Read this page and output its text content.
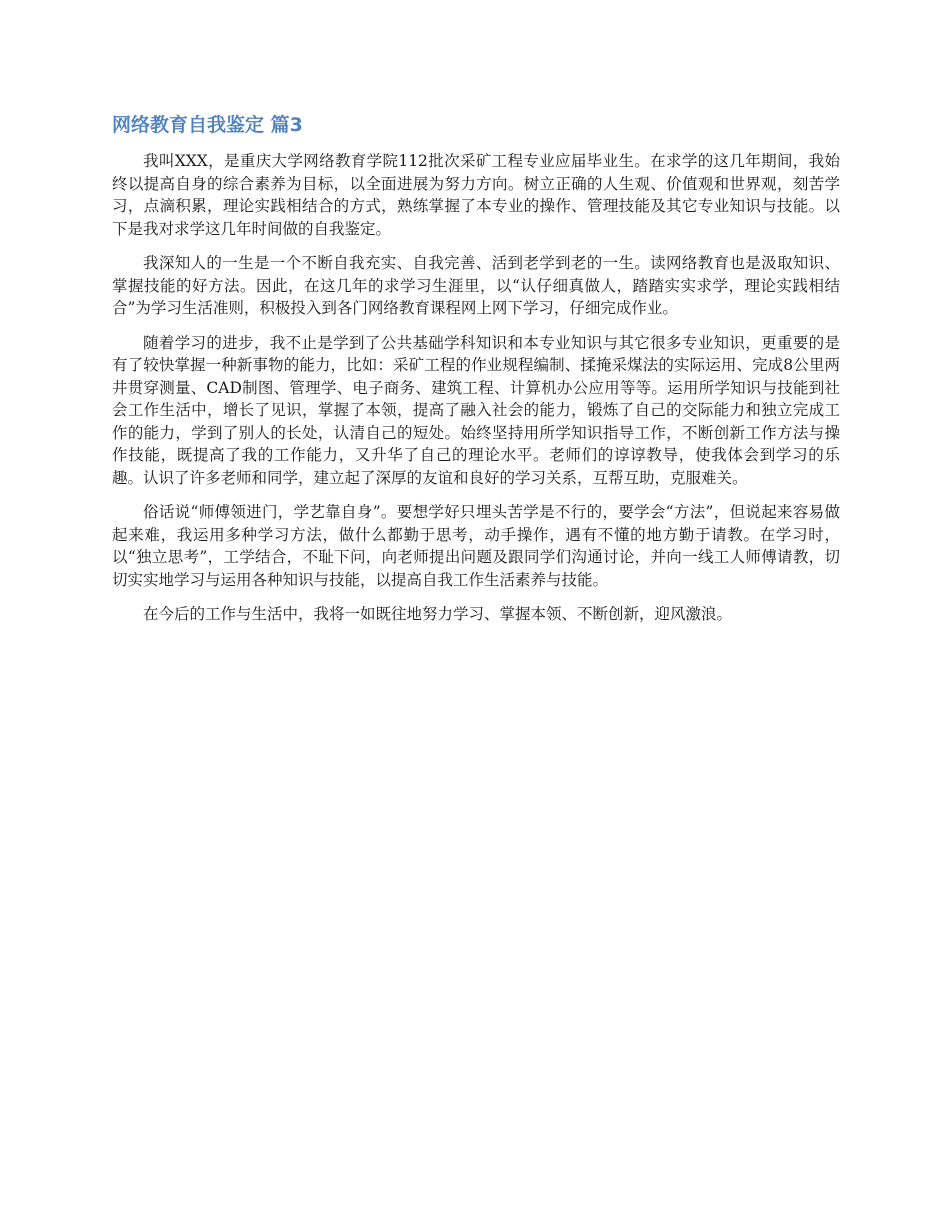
网络教育自我鉴定 篇3

我叫XXX，是重庆大学网络教育学院112批次采矿工程专业应届毕业生。在求学的这几年期间，我始终以提高自身的综合素养为目标，以全面进展为努力方向。树立正确的人生观、价值观和世界观，刻苦学习，点滴积累，理论实践相结合的方式，熟练掌握了本专业的操作、管理技能及其它专业知识与技能。以下是我对求学这几年时间做的自我鉴定。

我深知人的一生是一个不断自我充实、自我完善、活到老学到老的一生。读网络教育也是汲取知识、掌握技能的好方法。因此，在这几年的求学习生涯里，以“认仔细真做人，踏踏实实求学，理论实践相结合”为学习生活准则，积极投入到各门网络教育课程网上网下学习，仔细完成作业。

随着学习的进步，我不止是学到了公共基础学科知识和本专业知识与其它很多专业知识，更重要的是有了较快掌握一种新事物的能力，比如：采矿工程的作业规程编制、揉掩采煤法的实际运用、完成8公里两井贯穿测量、CAD制图、管理学、电子商务、建筑工程、计算机办公应用等等。运用所学知识与技能到社会工作生活中，增长了见识，掌握了本领，提高了融入社会的能力，锻炼了自己的交际能力和独立完成工作的能力，学到了别人的长处，认清自己的短处。始终坚持用所学知识指导工作，不断创新工作方法与操作技能，既提高了我的工作能力，又升华了自己的理论水平。老师们的谆谆教导，使我体会到学习的乐趣。认识了许多老师和同学，建立起了深厚的友谊和良好的学习关系，互帮互助，克服难关。

俗话说“师傅领进门，学艺靠自身”。要想学好只埋头苦学是不行的，要学会“方法”，但说起来容易做起来难，我运用多种学习方法，做什么都勤于思考，动手操作，遇有不懂的地方勤于请教。在学习时，以“独立思考”，工学结合，不耻下问，向老师提出问题及跟同学们沟通讨论，并向一线工人师傅请教，切切实实地学习与运用各种知识与技能，以提高自我工作生活素养与技能。

在今后的工作与生活中，我将一如既往地努力学习、掌握本领、不断创新，迎风激浪。
